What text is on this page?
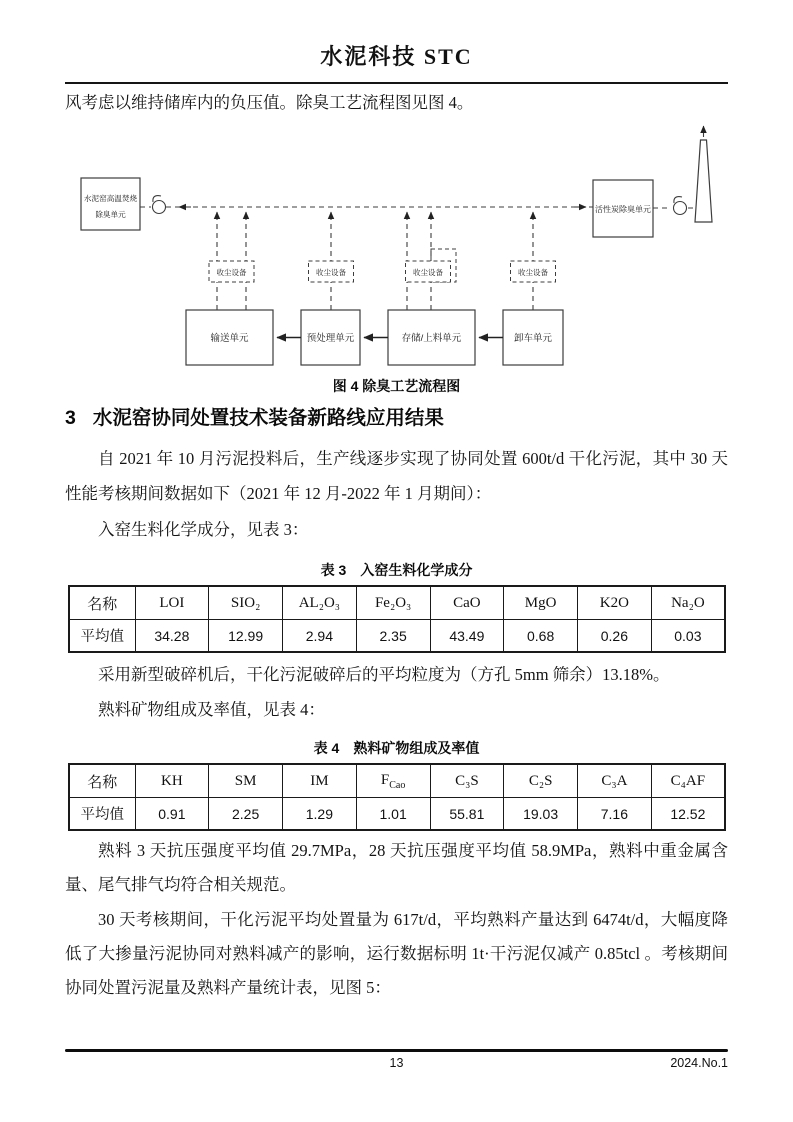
水泥科技 STC
风考虑以维持储库内的负压值。除臭工艺流程图见图 4。
水泥窑高温焚烧
除臭单元
活性炭除臭单元
收尘设备	收尘设备	收尘设备	收尘设备
输送单元	预处理单元	存储/上料单元	卸车单元
图 4 除臭工艺流程图
3 水泥窑协同处置技术装备新路线应用结果
自 2021 年 10 月污泥投料后，生产线逐步实现了协同处置 600t/d 干化污泥，其中 30 天性能考核期间数据如下（2021 年 12 月-2022 年 1 月期间）：
入窑生料化学成分，见表 3：
表 3　入窑生料化学成分
名称	LOI	SIO₂	AL₂O₃	Fe₂O₃	CaO	MgO	K2O	Na₂O
平均值	34.28	12.99	2.94	2.35	43.49	0.68	0.26	0.03
采用新型破碎机后，干化污泥破碎后的平均粒度为（方孔 5mm 筛余）13.18%。
熟料矿物组成及率值，见表 4：
表 4　熟料矿物组成及率值
名称	KH	SM	IM	$F_{Cao}$	C₃S	C₂S	C₃A	C₄AF
平均值	0.91	2.25	1.29	1.01	55.81	19.03	7.16	12.52
熟料 3 天抗压强度平均值 29.7MPa，28 天抗压强度平均值 58.9MPa，熟料中重金属含量、尾气排气均符合相关规范。
30 天考核期间，干化污泥平均处置量为 617t/d，平均熟料产量达到 6474t/d，大幅度降低了大掺量污泥协同对熟料减产的影响，运行数据标明 1t·干污泥仅减产 0.85tcl 。考核期间协同处置污泥量及熟料产量统计表，见图 5：
13	2024.No.1
